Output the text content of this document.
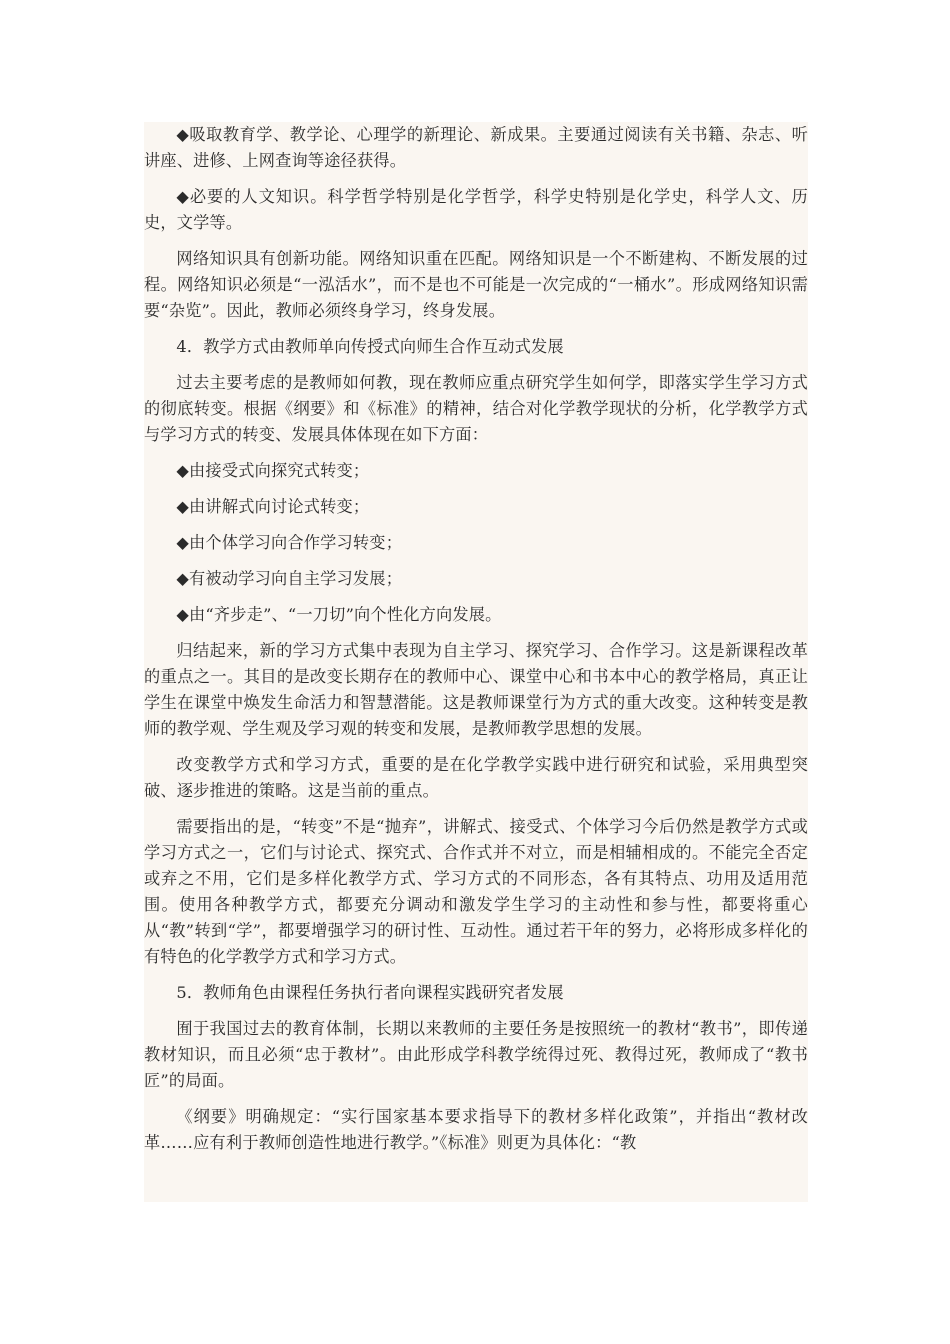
◆吸取教育学、教学论、心理学的新理论、新成果。主要通过阅读有关书籍、杂志、听讲座、进修、上网查询等途径获得。

◆必要的人文知识。科学哲学特别是化学哲学，科学史特别是化学史，科学人文、历史，文学等。

网络知识具有创新功能。网络知识重在匹配。网络知识是一个不断建构、不断发展的过程。网络知识必须是“一泓活水”，而不是也不可能是一次完成的“一桶水”。形成网络知识需要“杂览”。因此，教师必须终身学习，终身发展。

4．教学方式由教师单向传授式向师生合作互动式发展

过去主要考虑的是教师如何教，现在教师应重点研究学生如何学，即落实学生学习方式的彻底转变。根据《纲要》和《标准》的精神，结合对化学教学现状的分析，化学教学方式与学习方式的转变、发展具体体现在如下方面：

◆由接受式向探究式转变；

◆由讲解式向讨论式转变；

◆由个体学习向合作学习转变；

◆有被动学习向自主学习发展；

◆由“齐步走”、“一刀切”向个性化方向发展。

归结起来，新的学习方式集中表现为自主学习、探究学习、合作学习。这是新课程改革的重点之一。其目的是改变长期存在的教师中心、课堂中心和书本中心的教学格局，真正让学生在课堂中焕发生命活力和智慧潜能。这是教师课堂行为方式的重大改变。这种转变是教师的教学观、学生观及学习观的转变和发展，是教师教学思想的发展。

改变教学方式和学习方式，重要的是在化学教学实践中进行研究和试验，采用典型突破、逐步推进的策略。这是当前的重点。

需要指出的是，“转变”不是“抛弃”，讲解式、接受式、个体学习今后仍然是教学方式或学习方式之一，它们与讨论式、探究式、合作式并不对立，而是相辅相成的。不能完全否定或弃之不用，它们是多样化教学方式、学习方式的不同形态，各有其特点、功用及适用范围。使用各种教学方式，都要充分调动和激发学生学习的主动性和参与性，都要将重心从“教”转到“学”，都要增强学习的研讨性、互动性。通过若干年的努力，必将形成多样化的有特色的化学教学方式和学习方式。

5．教师角色由课程任务执行者向课程实践研究者发展

囿于我国过去的教育体制，长期以来教师的主要任务是按照统一的教材“教书”，即传递教材知识，而且必须“忠于教材”。由此形成学科教学统得过死、教得过死，教师成了“教书匠”的局面。

《纲要》明确规定：“实行国家基本要求指导下的教材多样化政策”，并指出“教材改革……应有利于教师创造性地进行教学。”《标准》则更为具体化：“教
